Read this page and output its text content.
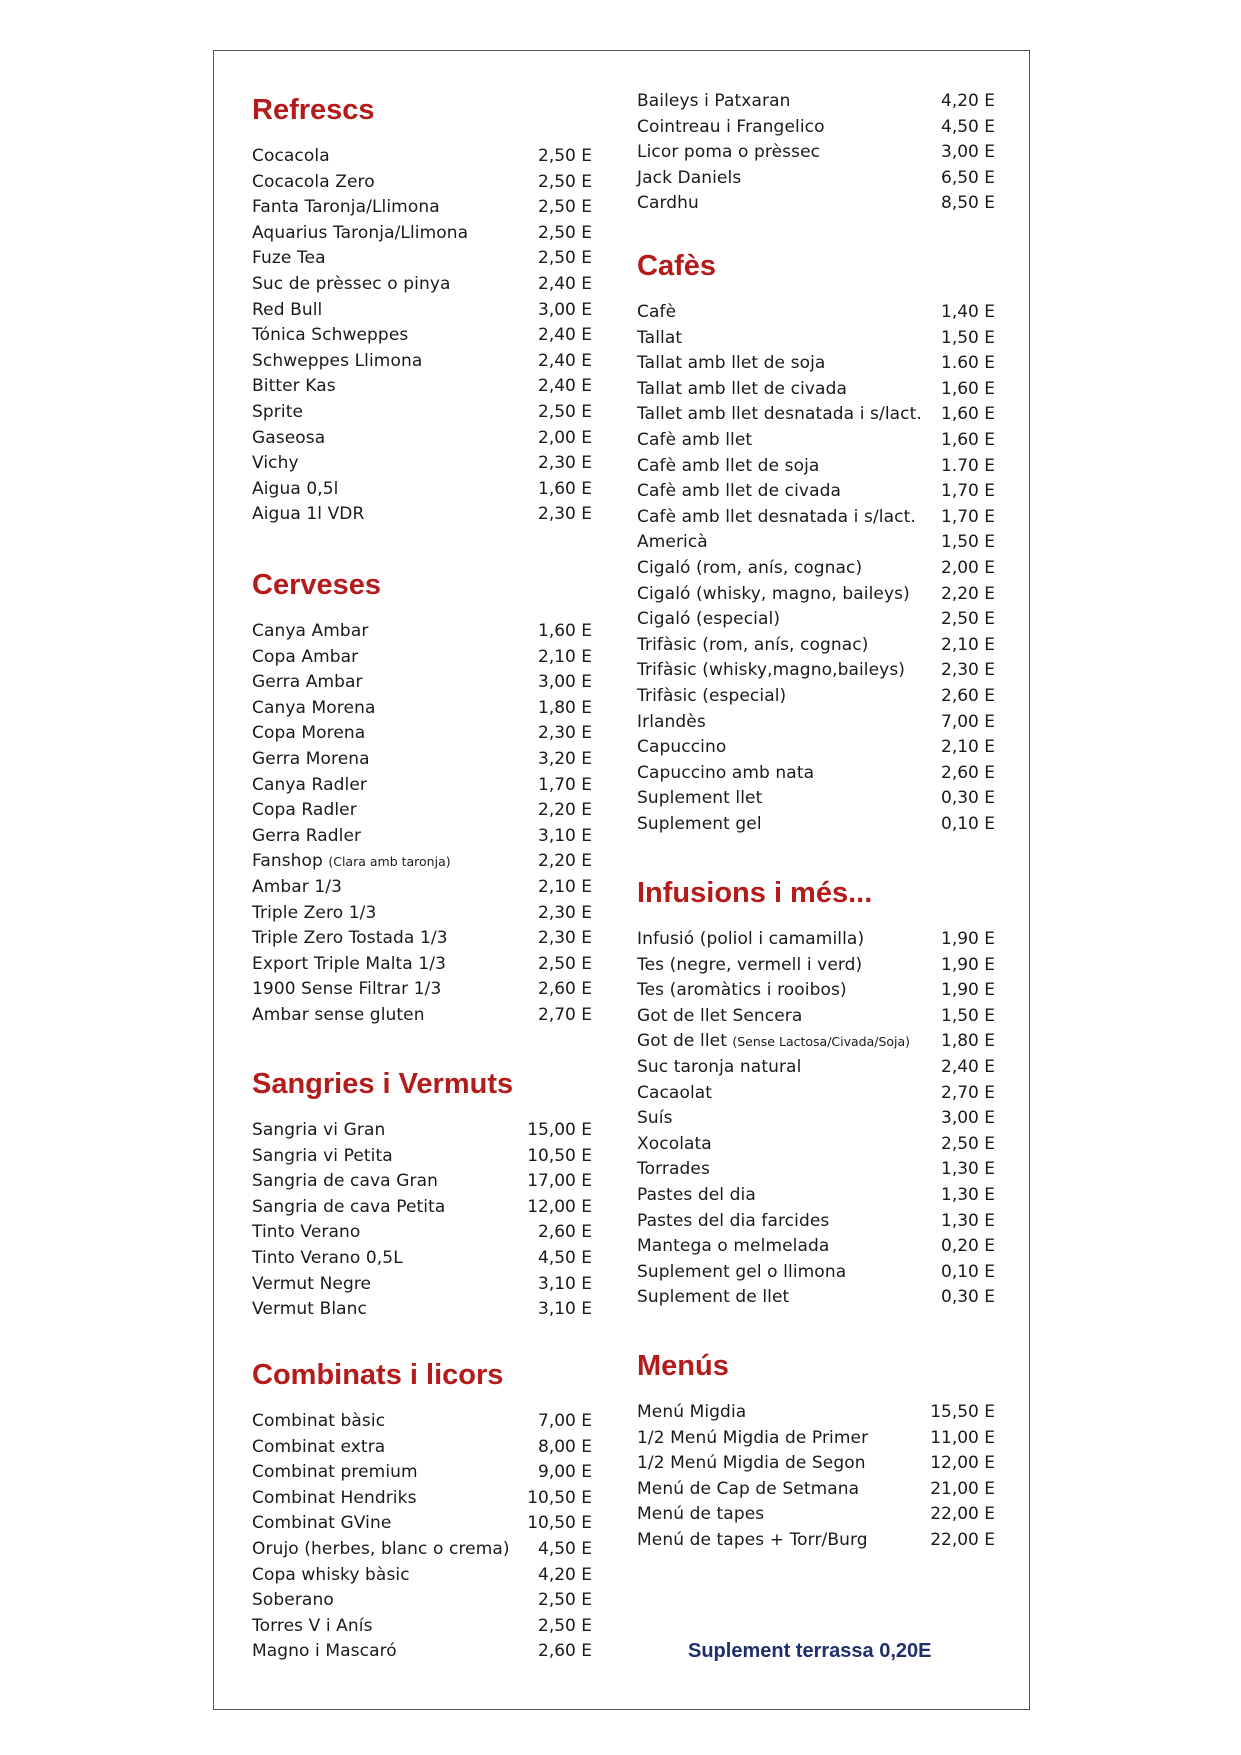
Refrescs
Cocacola	2,50 E
Cocacola Zero	2,50 E
Fanta Taronja/Llimona	2,50 E
Aquarius Taronja/Llimona	2,50 E
Fuze Tea	2,50 E
Suc de prèssec o pinya	2,40 E
Red Bull	3,00 E
Tónica Schweppes	2,40 E
Schweppes Llimona	2,40 E
Bitter Kas	2,40 E
Sprite	2,50 E
Gaseosa	2,00 E
Vichy	2,30 E
Aigua 0,5l	1,60 E
Aigua 1l VDR	2,30 E
Cerveses
Canya Ambar	1,60 E
Copa Ambar	2,10 E
Gerra Ambar	3,00 E
Canya Morena	1,80 E
Copa Morena	2,30 E
Gerra Morena	3,20 E
Canya Radler	1,70 E
Copa Radler	2,20 E
Gerra Radler	3,10 E
Fanshop (Clara amb taronja)	2,20 E
Ambar 1/3	2,10 E
Triple Zero 1/3	2,30 E
Triple Zero Tostada 1/3	2,30 E
Export Triple Malta 1/3	2,50 E
1900 Sense Filtrar 1/3	2,60 E
Ambar sense gluten	2,70 E
Sangries i Vermuts
Sangria vi Gran	15,00 E
Sangria vi Petita	10,50 E
Sangria de cava Gran	17,00 E
Sangria de cava Petita	12,00 E
Tinto Verano	2,60 E
Tinto Verano 0,5L	4,50 E
Vermut Negre	3,10 E
Vermut Blanc	3,10 E
Combinats i licors
Combinat bàsic	7,00 E
Combinat extra	8,00 E
Combinat premium	9,00 E
Combinat Hendriks	10,50 E
Combinat GVine	10,50 E
Orujo (herbes, blanc o crema) 4,50 E
Copa whisky bàsic	4,20 E
Soberano	2,50 E
Torres V i Anís	2,50 E
Magno i Mascaró	2,60 E
Baileys i Patxaran	4,20 E
Cointreau i Frangelico	4,50 E
Licor poma o prèssec	3,00 E
Jack Daniels	6,50 E
Cardhu	8,50 E
Cafès
Cafè	1,40 E
Tallat	1,50 E
Tallat amb llet de soja	1.60 E
Tallat amb llet de civada	1,60 E
Tallet amb llet desnatada i s/lact. 1,60 E
Cafè amb llet	1,60 E
Cafè amb llet de soja	1.70 E
Cafè amb llet de civada	1,70 E
Cafè amb llet desnatada i s/lact. 1,70 E
Americà	1,50 E
Cigaló (rom, anís, cognac)	2,00 E
Cigaló (whisky, magno, baileys) 2,20 E
Cigaló (especial)	2,50 E
Trifàsic (rom, anís, cognac)	2,10 E
Trifàsic (whisky,magno,baileys) 2,30 E
Trifàsic (especial)	2,60 E
Irlandès	7,00 E
Capuccino	2,10 E
Capuccino amb nata	2,60 E
Suplement llet	0,30 E
Suplement gel	0,10 E
Infusions i més...
Infusió (poliol i camamilla)	1,90 E
Tes (negre, vermell i verd)	1,90 E
Tes (aromàtics i rooibos)	1,90 E
Got de llet Sencera	1,50 E
Got de llet (Sense Lactosa/Civada/Soja) 1,80 E
Suc taronja natural	2,40 E
Cacaolat	2,70 E
Suís	3,00 E
Xocolata	2,50 E
Torrades	1,30 E
Pastes del dia	1,30 E
Pastes del dia farcides	1,30 E
Mantega o melmelada	0,20 E
Suplement gel o llimona	0,10 E
Suplement de llet	0,30 E
Menús
Menú Migdia	15,50 E
1/2 Menú Migdia de Primer	11,00 E
1/2 Menú Migdia de Segon	12,00 E
Menú de Cap de Setmana	21,00 E
Menú de tapes	22,00 E
Menú de tapes + Torr/Burg	22,00 E
Suplement terrassa 0,20E
